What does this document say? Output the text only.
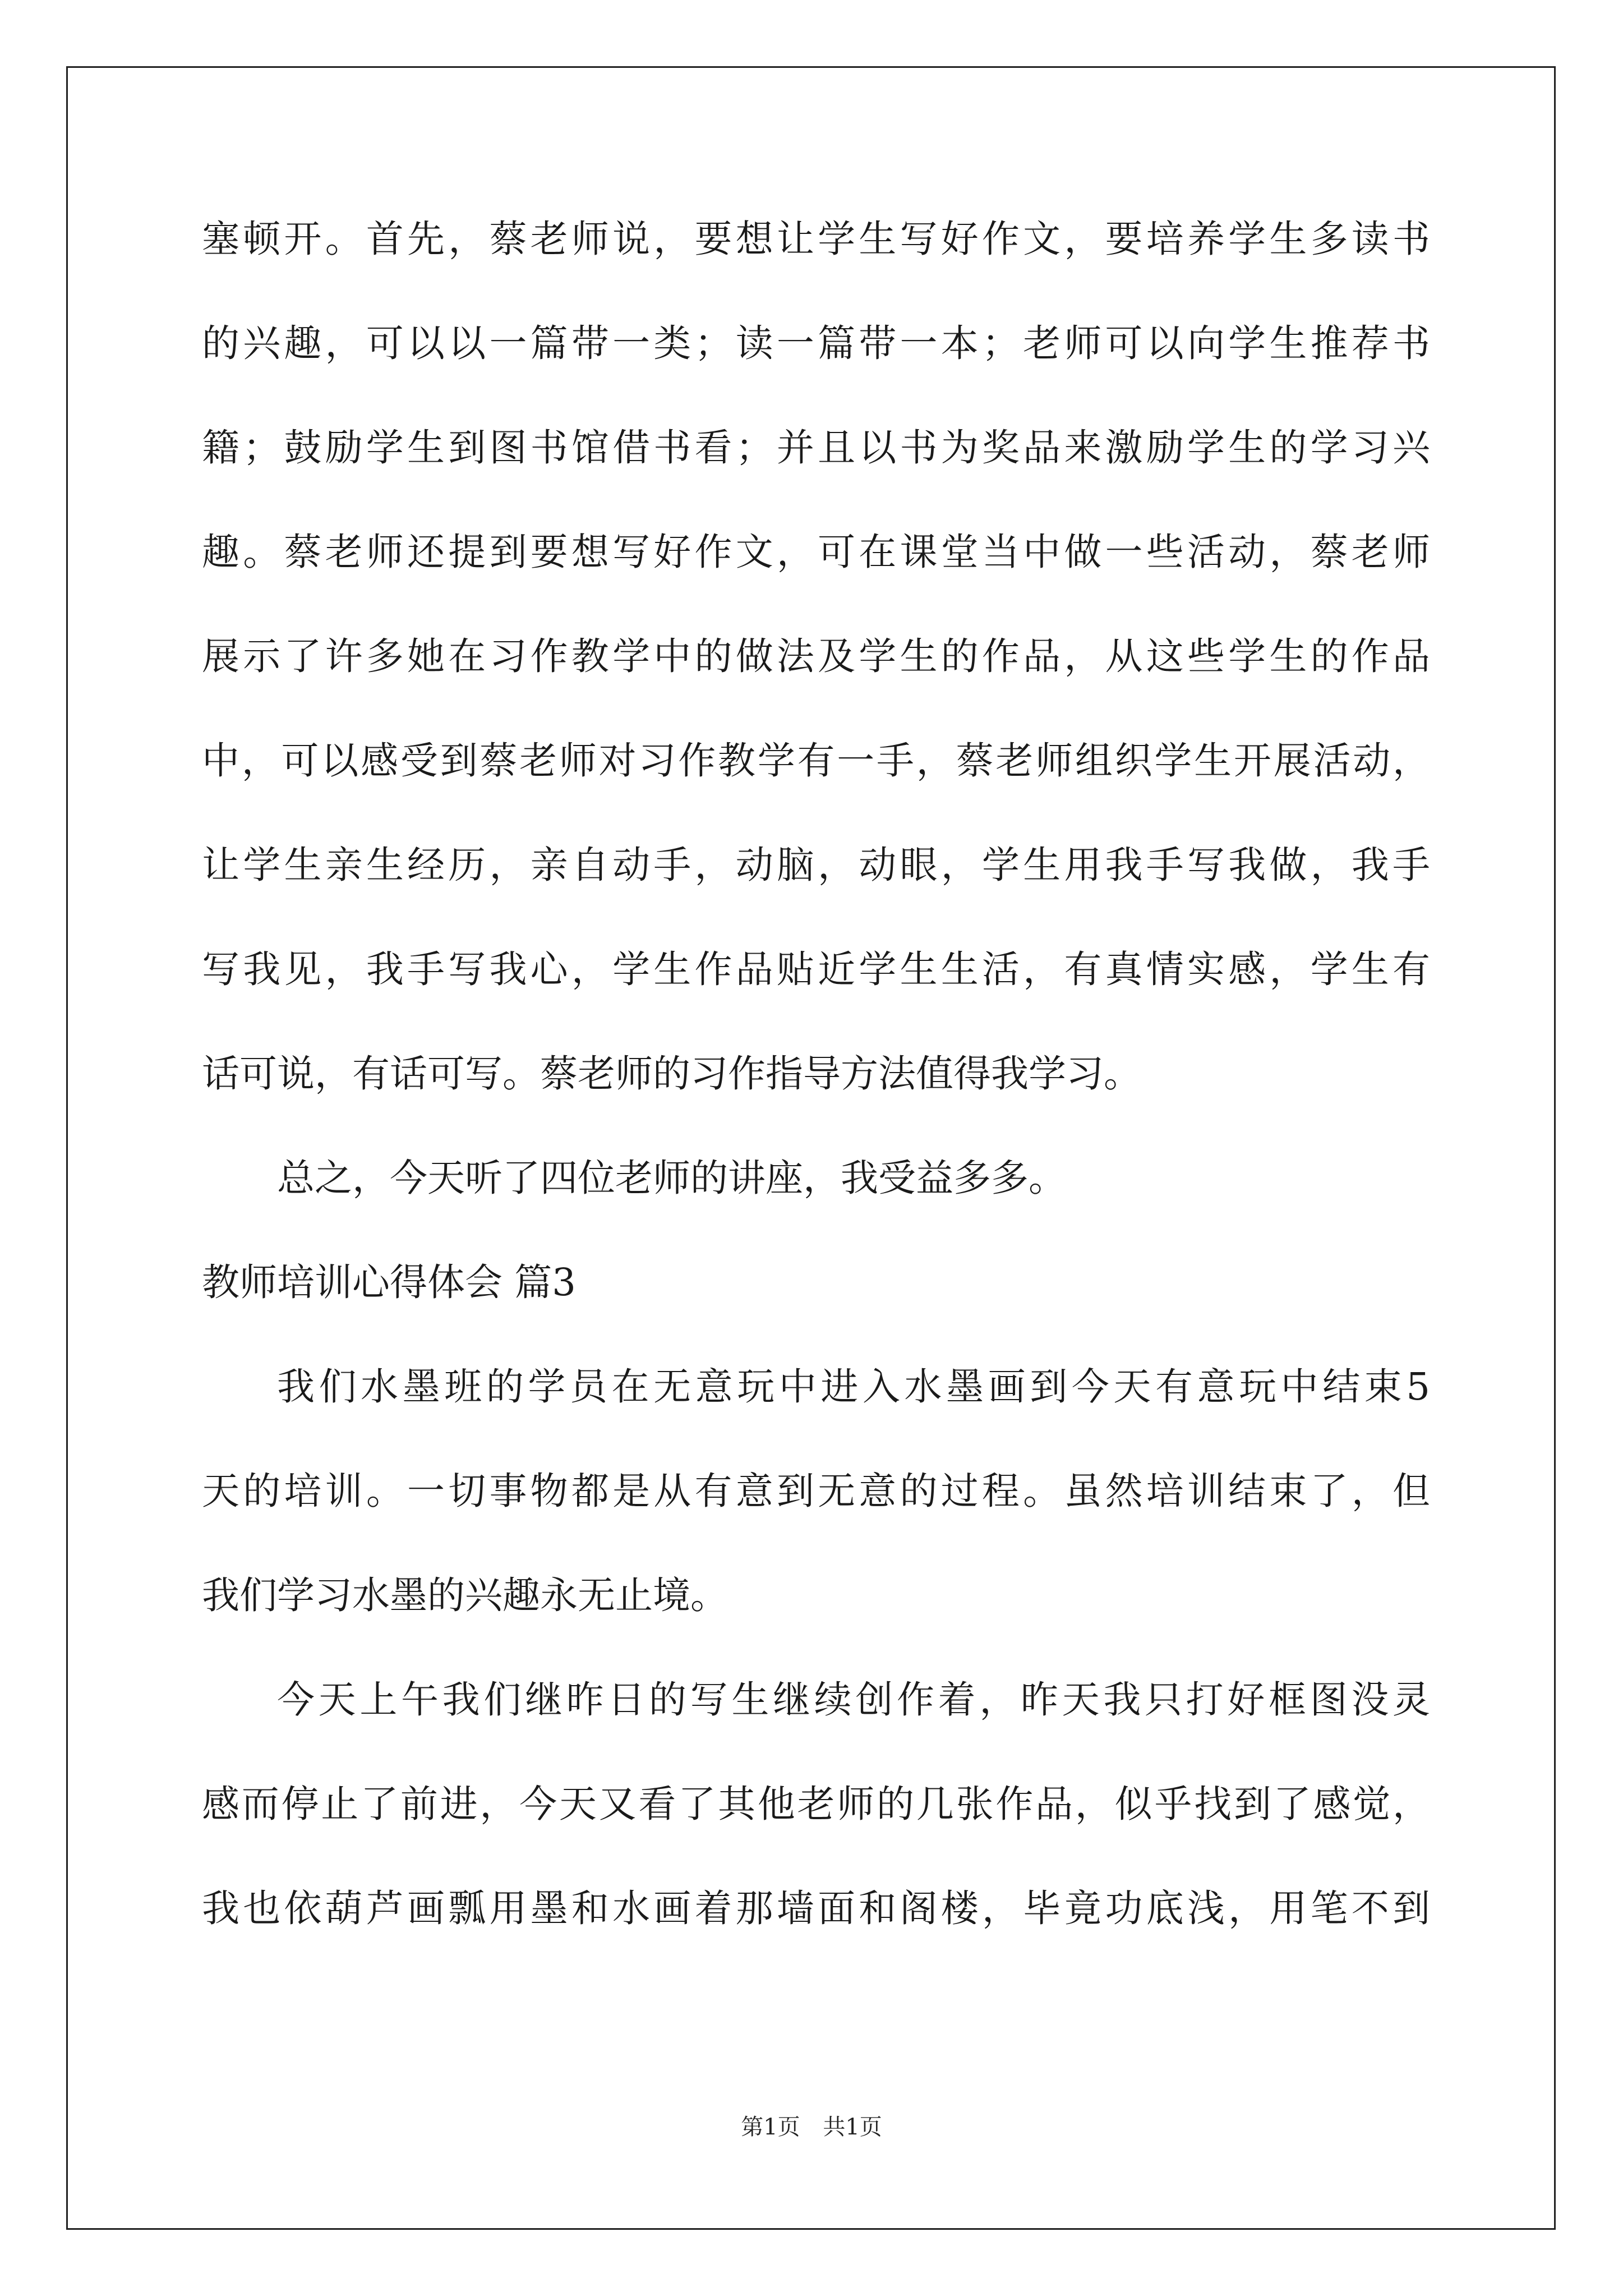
塞顿开。首先，蔡老师说，要想让学生写好作文，要培养学生多读书
的兴趣，可以以一篇带一类；读一篇带一本；老师可以向学生推荐书
籍；鼓励学生到图书馆借书看；并且以书为奖品来激励学生的学习兴
趣。蔡老师还提到要想写好作文，可在课堂当中做一些活动，蔡老师
展示了许多她在习作教学中的做法及学生的作品，从这些学生的作品
中，可以感受到蔡老师对习作教学有一手，蔡老师组织学生开展活动，
让学生亲生经历，亲自动手，动脑，动眼，学生用我手写我做，我手
写我见，我手写我心，学生作品贴近学生生活，有真情实感，学生有
话可说，有话可写。蔡老师的习作指导方法值得我学习。
总之，今天听了四位老师的讲座，我受益多多。
教师培训心得体会 篇3
我们水墨班的学员在无意玩中进入水墨画到今天有意玩中结束5
天的培训。一切事物都是从有意到无意的过程。虽然培训结束了，但
我们学习水墨的兴趣永无止境。
今天上午我们继昨日的写生继续创作着，昨天我只打好框图没灵
感而停止了前进，今天又看了其他老师的几张作品，似乎找到了感觉，
我也依葫芦画瓢用墨和水画着那墙面和阁楼，毕竟功底浅，用笔不到
第1页 共1页
